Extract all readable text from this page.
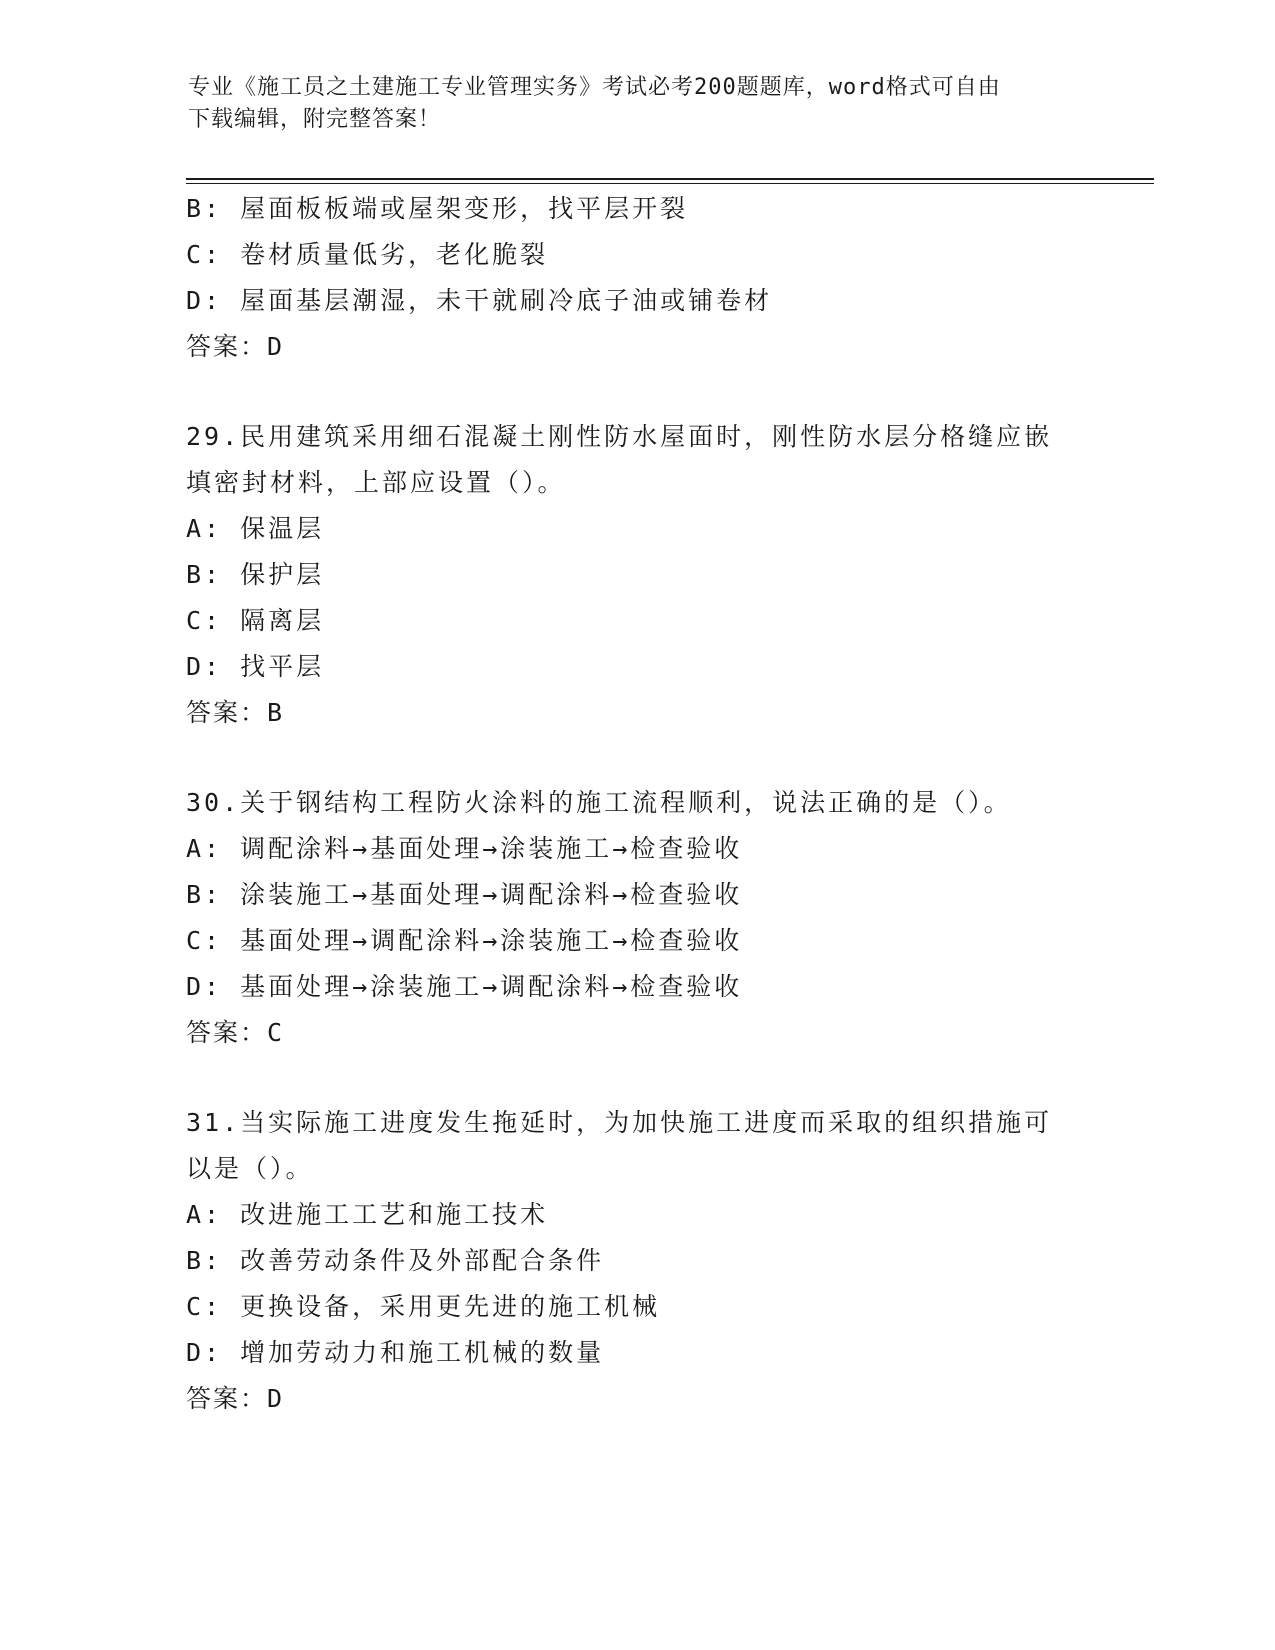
专业《施工员之土建施工专业管理实务》考试必考200题题库，word格式可自由
下载编辑，附完整答案！
B: 屋面板板端或屋架变形，找平层开裂
C: 卷材质量低劣，老化脆裂
D: 屋面基层潮湿，未干就刷冷底子油或铺卷材
答案：D
29.民用建筑采用细石混凝土刚性防水屋面时，刚性防水层分格缝应嵌
填密封材料，上部应设置（）。
A: 保温层
B: 保护层
C: 隔离层
D: 找平层
答案：B
30.关于钢结构工程防火涂料的施工流程顺利，说法正确的是（）。
A: 调配涂料→基面处理→涂装施工→检查验收
B: 涂装施工→基面处理→调配涂料→检查验收
C: 基面处理→调配涂料→涂装施工→检查验收
D: 基面处理→涂装施工→调配涂料→检查验收
答案：C
31.当实际施工进度发生拖延时，为加快施工进度而采取的组织措施可
以是（）。
A: 改进施工工艺和施工技术
B: 改善劳动条件及外部配合条件
C: 更换设备，采用更先进的施工机械
D: 增加劳动力和施工机械的数量
答案：D
